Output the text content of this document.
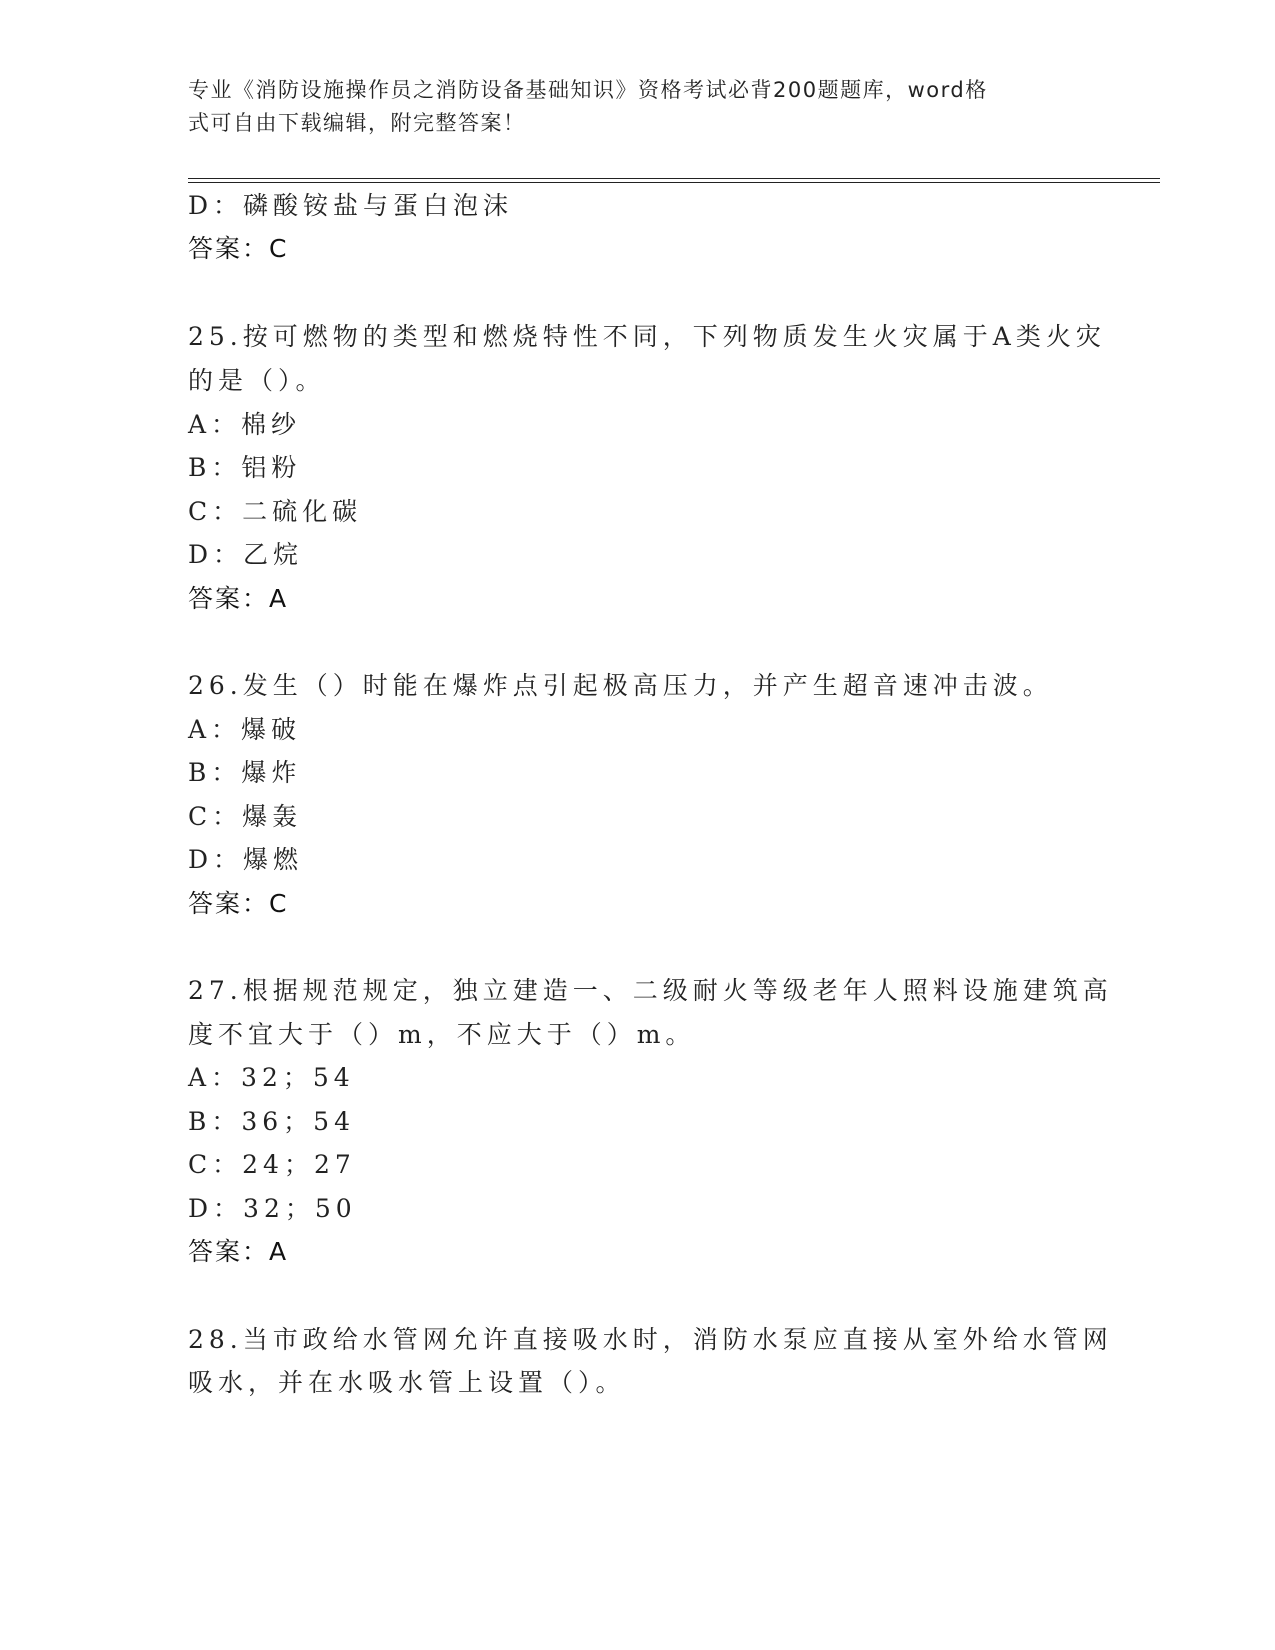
专业《消防设施操作员之消防设备基础知识》资格考试必背200题题库，word格
式可自由下载编辑，附完整答案！
D：磷酸铵盐与蛋白泡沫
答案：C
25.按可燃物的类型和燃烧特性不同，下列物质发生火灾属于A类火灾
的是（）。
A：棉纱
B：铝粉
C：二硫化碳
D：乙烷
答案：A
26.发生（）时能在爆炸点引起极高压力，并产生超音速冲击波。
A：爆破
B：爆炸
C：爆轰
D：爆燃
答案：C
27.根据规范规定，独立建造一、二级耐火等级老年人照料设施建筑高
度不宜大于（）m，不应大于（）m。
A：32；54
B：36；54
C：24；27
D：32；50
答案：A
28.当市政给水管网允许直接吸水时，消防水泵应直接从室外给水管网
吸水，并在水吸水管上设置（）。
